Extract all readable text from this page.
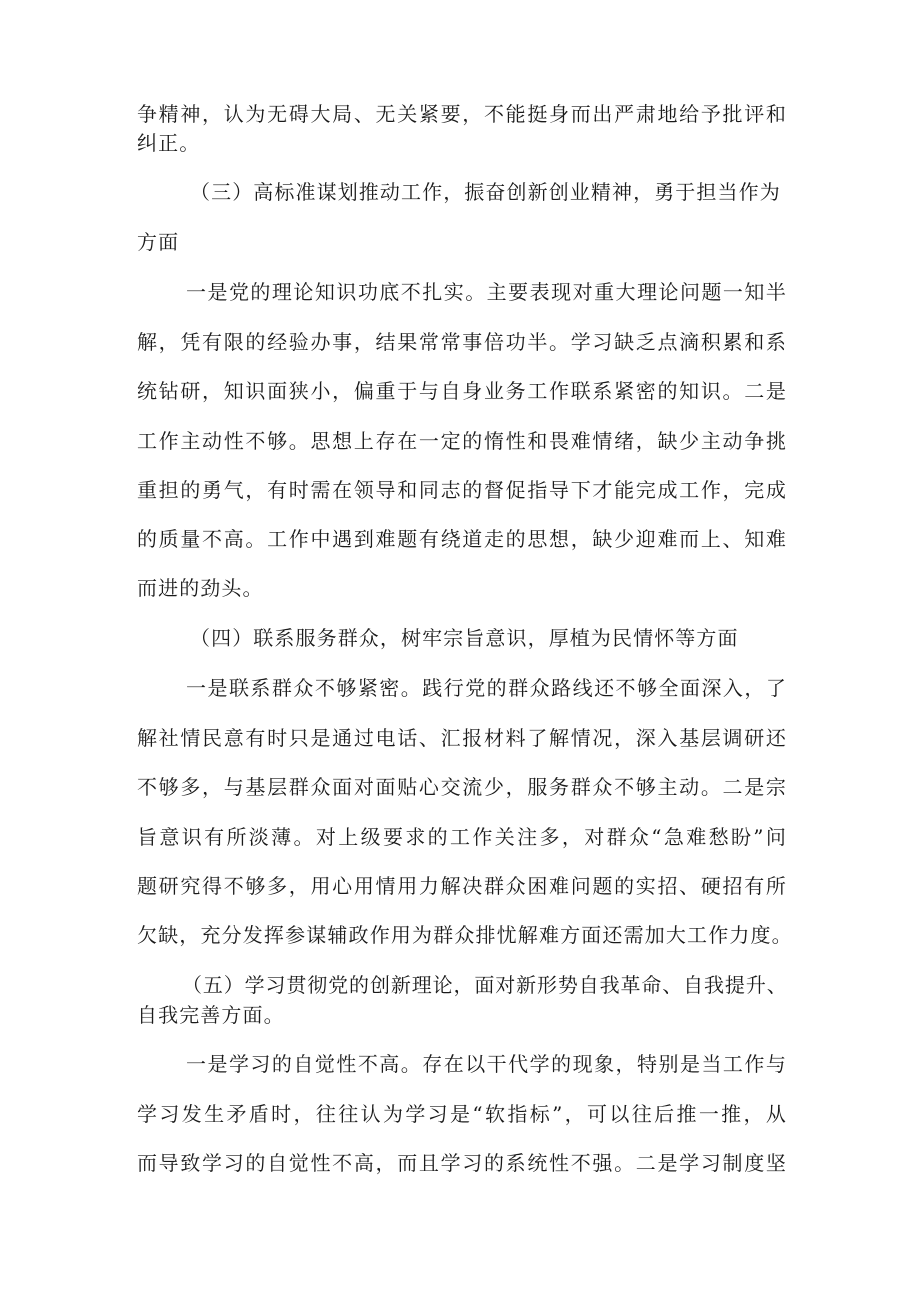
争精神，认为无碍大局、无关紧要，不能挺身而出严肃地给予批评和
纠正。
（三）高标准谋划推动工作，振奋创新创业精神，勇于担当作为
方面
一是党的理论知识功底不扎实。主要表现对重大理论问题一知半
解，凭有限的经验办事，结果常常事倍功半。学习缺乏点滴积累和系
统钻研，知识面狭小，偏重于与自身业务工作联系紧密的知识。二是
工作主动性不够。思想上存在一定的惰性和畏难情绪，缺少主动争挑
重担的勇气，有时需在领导和同志的督促指导下才能完成工作，完成
的质量不高。工作中遇到难题有绕道走的思想，缺少迎难而上、知难
而进的劲头。
（四）联系服务群众，树牢宗旨意识，厚植为民情怀等方面
一是联系群众不够紧密。践行党的群众路线还不够全面深入，了
解社情民意有时只是通过电话、汇报材料了解情况，深入基层调研还
不够多，与基层群众面对面贴心交流少，服务群众不够主动。二是宗
旨意识有所淡薄。对上级要求的工作关注多，对群众“急难愁盼”问
题研究得不够多，用心用情用力解决群众困难问题的实招、硬招有所
欠缺，充分发挥参谋辅政作用为群众排忧解难方面还需加大工作力度。
（五）学习贯彻党的创新理论，面对新形势自我革命、自我提升、
自我完善方面。
一是学习的自觉性不高。存在以干代学的现象，特别是当工作与
学习发生矛盾时，往往认为学习是“软指标”，可以往后推一推，从
而导致学习的自觉性不高，而且学习的系统性不强。二是学习制度坚
